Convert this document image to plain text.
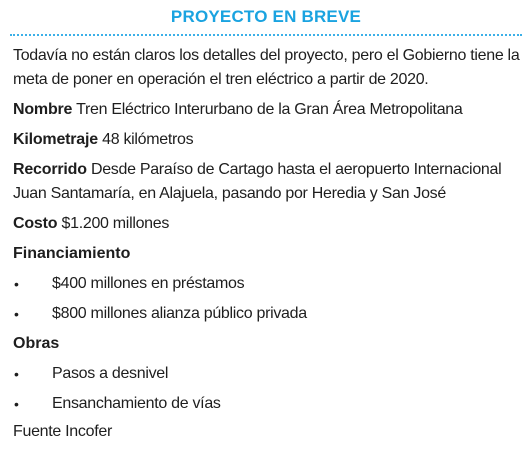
PROYECTO EN BREVE

Todavía no están claros los detalles del proyecto, pero el Gobierno tiene la meta de poner en operación el tren eléctrico a partir de 2020.

Nombre Tren Eléctrico Interurbano de la Gran Área Metropolitana

Kilometraje 48 kilómetros

Recorrido Desde Paraíso de Cartago hasta el aeropuerto Internacional Juan Santamaría, en Alajuela, pasando por Heredia y San José

Costo $1.200 millones

Financiamiento

•	$400 millones en préstamos
•	$800 millones alianza público privada

Obras

•	Pasos a desnivel
•	Ensanchamiento de vías

Fuente Incofer
